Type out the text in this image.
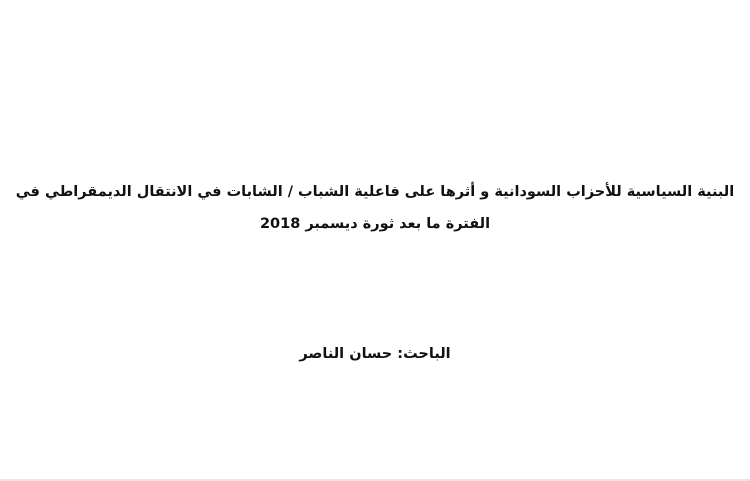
البنية السياسية للأحزاب السودانية و أثرها على فاعلية الشباب / الشابات في الانتقال الديمقراطي في
الفترة ما بعد ثورة ديسمبر 2018
الباحث: حسان الناصر
